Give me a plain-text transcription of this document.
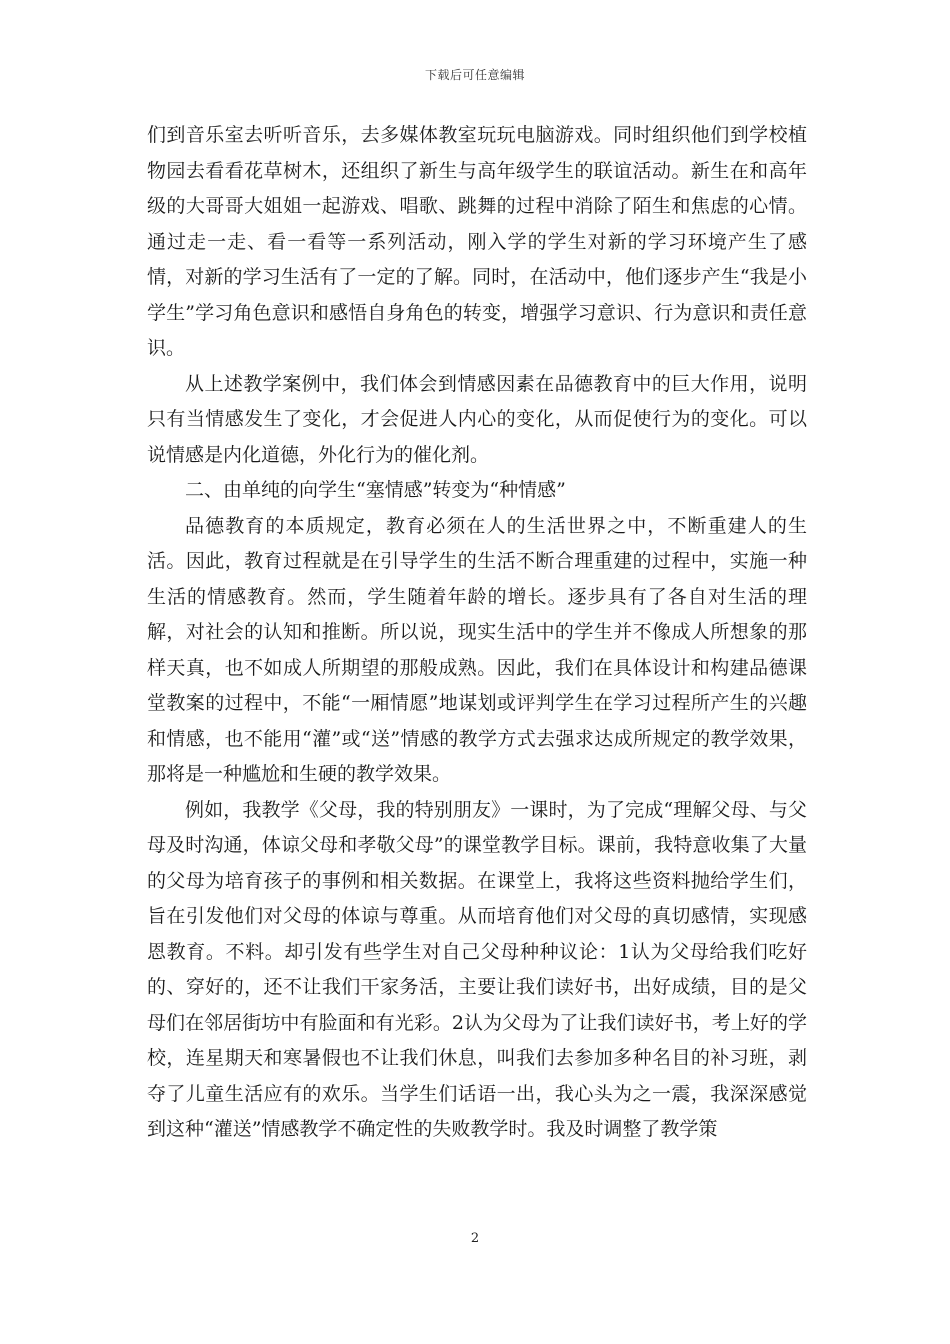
下载后可任意编辑

们到音乐室去听听音乐，去多媒体教室玩玩电脑游戏。同时组织他们到学校植物园去看看花草树木，还组织了新生与高年级学生的联谊活动。新生在和高年级的大哥哥大姐姐一起游戏、唱歌、跳舞的过程中消除了陌生和焦虑的心情。通过走一走、看一看等一系列活动，刚入学的学生对新的学习环境产生了感情，对新的学习生活有了一定的了解。同时，在活动中，他们逐步产生“我是小学生”学习角色意识和感悟自身角色的转变，增强学习意识、行为意识和责任意识。

从上述教学案例中，我们体会到情感因素在品德教育中的巨大作用，说明只有当情感发生了变化，才会促进人内心的变化，从而促使行为的变化。可以说情感是内化道德，外化行为的催化剂。

二、由单纯的向学生“塞情感”转变为“种情感”

品德教育的本质规定，教育必须在人的生活世界之中，不断重建人的生活。因此，教育过程就是在引导学生的生活不断合理重建的过程中，实施一种生活的情感教育。然而，学生随着年龄的增长。逐步具有了各自对生活的理解，对社会的认知和推断。所以说，现实生活中的学生并不像成人所想象的那样天真，也不如成人所期望的那般成熟。因此，我们在具体设计和构建品德课堂教案的过程中，不能“一厢情愿”地谋划或评判学生在学习过程所产生的兴趣和情感，也不能用“灌”或“送”情感的教学方式去强求达成所规定的教学效果，那将是一种尴尬和生硬的教学效果。

例如，我教学《父母，我的特别朋友》一课时，为了完成“理解父母、与父母及时沟通，体谅父母和孝敬父母”的课堂教学目标。课前，我特意收集了大量的父母为培育孩子的事例和相关数据。在课堂上，我将这些资料抛给学生们，旨在引发他们对父母的体谅与尊重。从而培育他们对父母的真切感情，实现感恩教育。不料。却引发有些学生对自己父母种种议论：1认为父母给我们吃好的、穿好的，还不让我们干家务活，主要让我们读好书，出好成绩，目的是父母们在邻居街坊中有脸面和有光彩。2认为父母为了让我们读好书，考上好的学校，连星期天和寒暑假也不让我们休息，叫我们去参加多种名目的补习班，剥夺了儿童生活应有的欢乐。当学生们话语一出，我心头为之一震，我深深感觉到这种“灌送”情感教学不确定性的失败教学时。我及时调整了教学策

2
